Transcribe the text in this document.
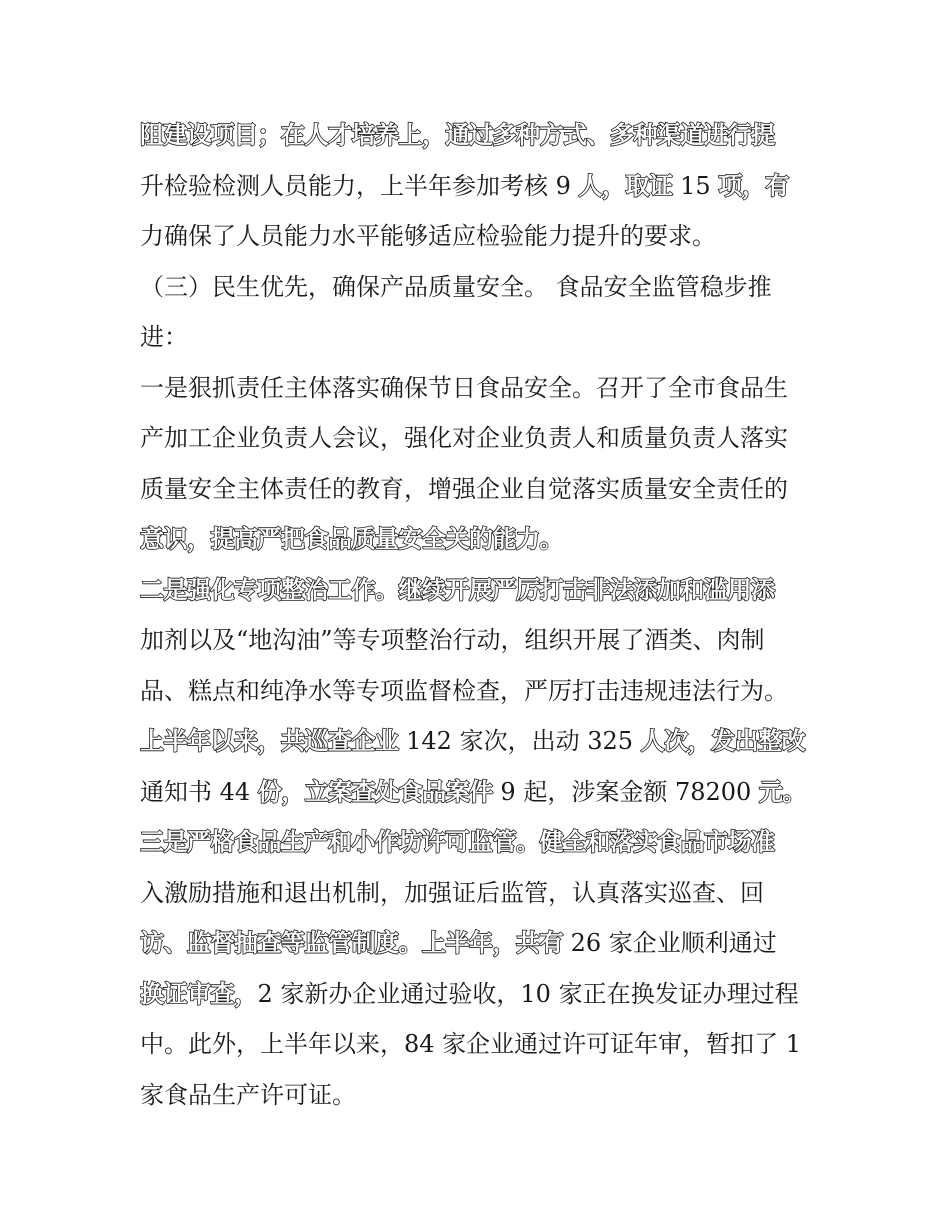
阻建设项目；在人才培养上，通过多种方式、多种渠道进行提
升检验检测人员能力，上半年参加考核 9 人，取证 15 项，有
力确保了人员能力水平能够适应检验能力提升的要求。
（三）民生优先，确保产品质量安全。 食品安全监管稳步推
进：
一是狠抓责任主体落实确保节日食品安全。召开了全市食品生
产加工企业负责人会议，强化对企业负责人和质量负责人落实
质量安全主体责任的教育，增强企业自觉落实质量安全责任的
意识，提高严把食品质量安全关的能力。
二是强化专项整治工作。继续开展严厉打击非法添加和滥用添
加剂以及“地沟油”等专项整治行动，组织开展了酒类、肉制
品、糕点和纯净水等专项监督检查，严厉打击违规违法行为。
上半年以来，共巡查企业 142 家次，出动 325 人次，发出整改
通知书 44 份，立案查处食品案件 9 起，涉案金额 78200 元。
三是严格食品生产和小作坊许可监管。健全和落实食品市场准
入激励措施和退出机制，加强证后监管，认真落实巡查、回
访、监督抽查等监管制度。上半年，共有 26 家企业顺利通过
换证审查，2 家新办企业通过验收，10 家正在换发证办理过程
中。此外，上半年以来，84 家企业通过许可证年审，暂扣了 1
家食品生产许可证。
